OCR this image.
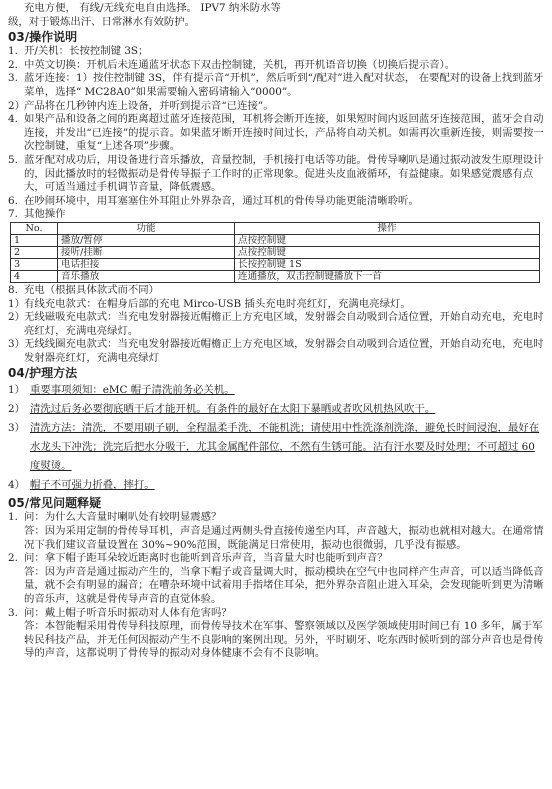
充电方便， 有线/无线充电自由选择。 IPV7 纳米防水等

级，对于锻炼出汗、日常淋水有效防护。

03/操作说明

1. 开/关机：长按控制键 3S；

2. 中英文切换：开机后未连通蓝牙状态下双击控制键，关机，再开机语音切换（切换后提示音）。

3. 蓝牙连接：1）按住控制键 3S，伴有提示音“开机”，然后听到“/配对”进入配对状态， 在要配对的设备上找到蓝牙菜单，选择“ MC28A0”如果需要输入密码请输入“0000”。

2）产品将在几秒钟内连上设备，并听到提示音“已连接”。

4. 如果产品和设备之间的距离超过蓝牙连接范围，耳机将会断开连接，如果短时间内返回蓝牙连接范围，蓝牙会自动连接，并发出“已连接”的提示音。如果蓝牙断开连接时间过长，产品将自动关机。如需再次重新连接，则需要按一次控制键，重复“上述各项”步骤。

5. 蓝牙配对成功后，用设备进行音乐播放，音量控制，手机接打电话等功能。骨传导喇叭是通过振动波发生原理设计的，因此播放时的轻微振动是骨传导振子工作时的正常现象。促进头皮血液循环，有益健康。如果感觉震感有点大，可适当通过手机调节音量，降低震感。

6. 在吵闹环境中，用耳塞塞住外耳阻止外界杂音，通过耳机的骨传导功能更能清晰聆听。

7. 其他操作

No.	功能	操作
1	播放/暂停	点按控制键
2	接听/挂断	点按控制键
3	电话拒接	长按控制键 1S
4	音乐播放	连通播放，双击控制键播放下一首

8. 充电（根据具体款式而不同）

1）有线充电款式：在帽身后部的充电 Mirco-USB 插头充电时亮红灯，充满电亮绿灯。

2）无线磁吸充电款式：当充电发射器接近帽檐正上方充电区域，发射器会自动吸到合适位置，开始自动充电，充电时亮红灯，充满电亮绿灯。

3）无线线圈充电款式：当充电发射器接近帽檐正上方充电区域，发射器会自动吸到合适位置，开始自动充电，充电时发射器亮红灯，充满电亮绿灯

04/护理方法

1） 重要事项须知：eMC 帽子清洗前务必关机。

2） 清洗过后务必要彻底晒干后才能开机。有条件的最好在太阳下暴晒或者吹风机热风吹干。

3） 清洗方法：清洗，不要用刷子刷，全程温柔手洗，不能机洗；请使用中性洗涤剂洗涤，避免长时间浸泡，最好在水龙头下冲洗；洗完后把水分吸干，尤其金属配件部位，不然有生锈可能。沾有汗水要及时处理；不可超过 60 度熨烫。

4） 帽子不可强力折叠，摔打。

05/常见问题释疑

1. 问：为什么大音量时喇叭处有较明显震感？

答：因为采用定制的骨传导耳机，声音是通过两侧头骨直接传递至内耳，声音越大，振动也就相对越大。在通常情况下我们建议音量设置在 30%~90%范围，既能满足日常使用，振动也很微弱，几乎没有振感。

2. 问：拿下帽子距耳朵较近距离时也能听到音乐声音，当音量大时也能听到声音？

答：因为声音是通过振动产生的，当拿下帽子或音量调大时，振动模块在空气中也同样产生声音，可以适当降低音量，就不会有明显的漏音；在嘈杂环境中试着用手指堵住耳朵，把外界杂音阻止进入耳朵，会发现能听到更为清晰的音乐声，这就是骨传导声音的直觉体验。

3. 问：戴上帽子听音乐时振动对人体有危害吗？

答：本智能帽采用骨传导科技原理，而骨传导技术在军事、警察领域以及医学领域使用时间已有 10 多年，属于军转民科技产品，并无任何因振动产生不良影响的案例出现。另外，平时刷牙、吃东西时候听到的部分声音也是骨传导的声音，这都说明了骨传导的振动对身体健康不会有不良影响。
